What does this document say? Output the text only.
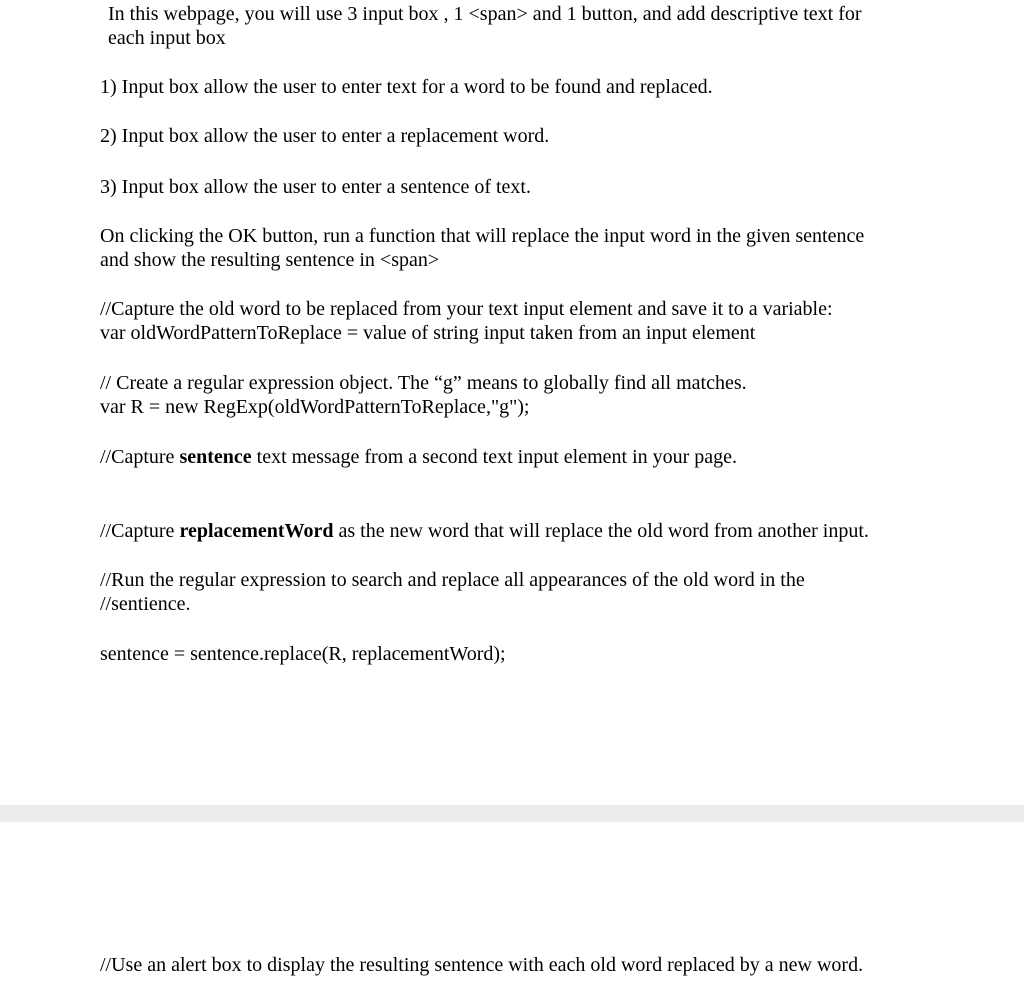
In this webpage, you will use 3 input box , 1 <span> and 1 button, and add descriptive text for
each input box
1) Input box allow the user to enter text for a word to be found and replaced.
2) Input box allow the user to enter a replacement word.
3) Input box allow the user to enter a sentence of text.
On clicking the OK button, run a function that will replace the input word in the given sentence
and show the resulting sentence in <span>
//Capture the old word to be replaced from your text input element and save it to a variable:
var oldWordPatternToReplace = value of string input taken from an input element
// Create a regular expression object. The “g” means to globally find all matches.
var R = new RegExp(oldWordPatternToReplace,"g");
//Capture sentence text message from a second text input element in your page.
//Capture replacementWord as the new word that will replace the old word from another input.
//Run the regular expression to search and replace all appearances of the old word in the
//sentience.
sentence = sentence.replace(R, replacementWord);
//Use an alert box to display the resulting sentence with each old word replaced by a new word.
